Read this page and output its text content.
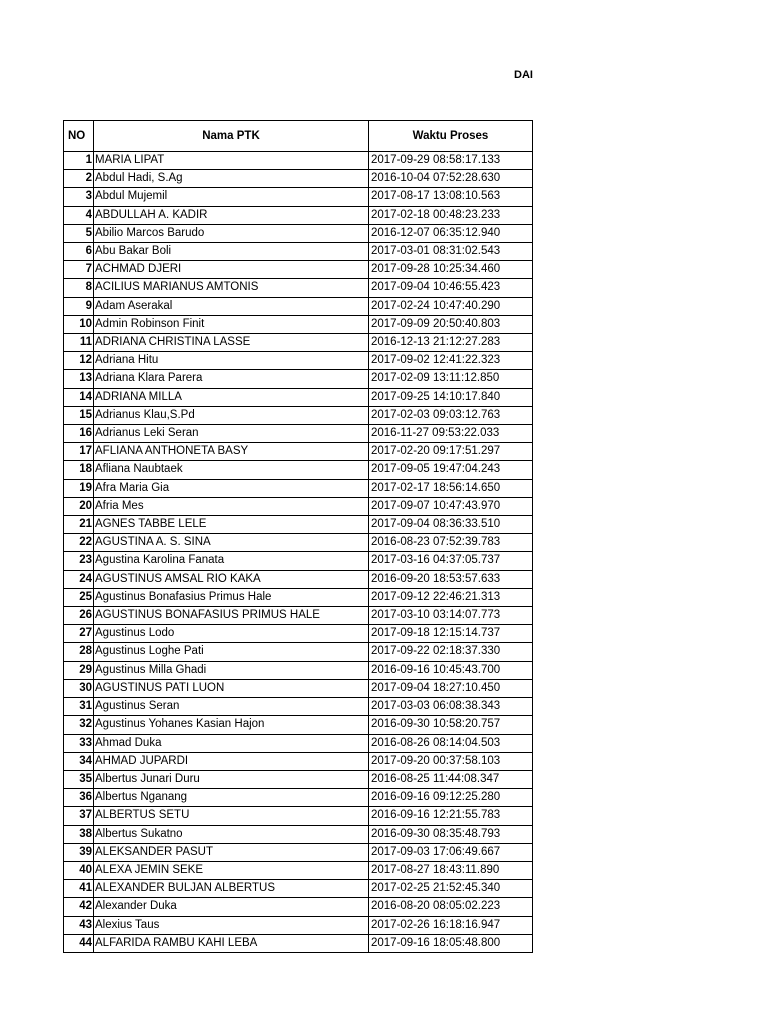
DAI
NO	Nama PTK	Waktu Proses
1	MARIA LIPAT	2017-09-29 08:58:17.133
2	Abdul Hadi, S.Ag	2016-10-04 07:52:28.630
3	Abdul Mujemil	2017-08-17 13:08:10.563
4	ABDULLAH A. KADIR	2017-02-18 00:48:23.233
5	Abilio Marcos Barudo	2016-12-07 06:35:12.940
6	Abu Bakar Boli	2017-03-01 08:31:02.543
7	ACHMAD DJERI	2017-09-28 10:25:34.460
8	ACILIUS MARIANUS AMTONIS	2017-09-04 10:46:55.423
9	Adam Aserakal	2017-02-24 10:47:40.290
10	Admin Robinson Finit	2017-09-09 20:50:40.803
11	ADRIANA CHRISTINA LASSE	2016-12-13 21:12:27.283
12	Adriana Hitu	2017-09-02 12:41:22.323
13	Adriana Klara Parera	2017-02-09 13:11:12.850
14	ADRIANA MILLA	2017-09-25 14:10:17.840
15	Adrianus Klau,S.Pd	2017-02-03 09:03:12.763
16	Adrianus Leki Seran	2016-11-27 09:53:22.033
17	AFLIANA ANTHONETA BASY	2017-02-20 09:17:51.297
18	Afliana Naubtaek	2017-09-05 19:47:04.243
19	Afra Maria Gia	2017-02-17 18:56:14.650
20	Afria Mes	2017-09-07 10:47:43.970
21	AGNES TABBE LELE	2017-09-04 08:36:33.510
22	AGUSTINA A. S. SINA	2016-08-23 07:52:39.783
23	Agustina Karolina Fanata	2017-03-16 04:37:05.737
24	AGUSTINUS AMSAL RIO KAKA	2016-09-20 18:53:57.633
25	Agustinus Bonafasius Primus Hale	2017-09-12 22:46:21.313
26	AGUSTINUS BONAFASIUS PRIMUS HALE	2017-03-10 03:14:07.773
27	Agustinus Lodo	2017-09-18 12:15:14.737
28	Agustinus Loghe Pati	2017-09-22 02:18:37.330
29	Agustinus Milla Ghadi	2016-09-16 10:45:43.700
30	AGUSTINUS PATI LUON	2017-09-04 18:27:10.450
31	Agustinus Seran	2017-03-03 06:08:38.343
32	Agustinus Yohanes Kasian Hajon	2016-09-30 10:58:20.757
33	Ahmad Duka	2016-08-26 08:14:04.503
34	AHMAD JUPARDI	2017-09-20 00:37:58.103
35	Albertus Junari Duru	2016-08-25 11:44:08.347
36	Albertus Nganang	2016-09-16 09:12:25.280
37	ALBERTUS SETU	2016-09-16 12:21:55.783
38	Albertus Sukatno	2016-09-30 08:35:48.793
39	ALEKSANDER PASUT	2017-09-03 17:06:49.667
40	ALEXA JEMIN SEKE	2017-08-27 18:43:11.890
41	ALEXANDER BULJAN ALBERTUS	2017-02-25 21:52:45.340
42	Alexander Duka	2016-08-20 08:05:02.223
43	Alexius Taus	2017-02-26 16:18:16.947
44	ALFARIDA RAMBU KAHI LEBA	2017-09-16 18:05:48.800
